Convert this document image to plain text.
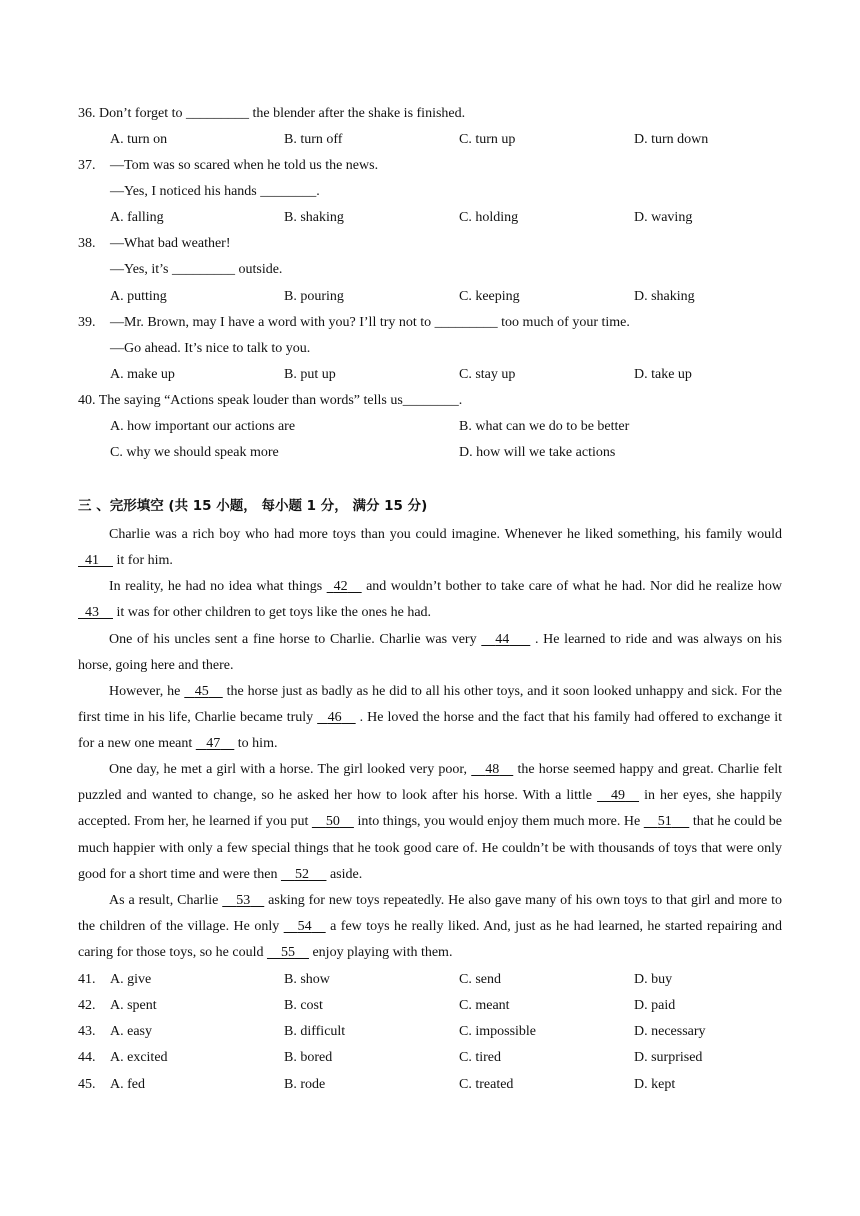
36. Don’t forget to _________ the blender after the shake is finished.
A. turn on	B. turn off	C. turn up	D. turn down
37. —Tom was so scared when he told us the news.
—Yes, I noticed his hands ________.
A. falling	B. shaking	C. holding	D. waving
38. —What bad weather!
—Yes, it’s _________ outside.
A. putting	B. pouring	C. keeping	D. shaking
39. —Mr. Brown, may I have a word with you? I’ll try not to _________ too much of your time.
—Go ahead. It’s nice to talk to you.
A. make up	B. put up	C. stay up	D. take up
40. The saying “Actions speak louder than words” tells us________.
A. how important our actions are	B. what can we do to be better
C. why we should speak more	D. how will we take actions
三 、完形填空 (共 15 小题， 每小题 1 分， 满分 15 分)
Charlie was a rich boy who had more toys than you could imagine. Whenever he liked something, his family would   41 it for him.
In reality, he had no idea what things 42 and wouldn’t bother to take care of what he had. Nor did he realize how   43 it was for other children to get toys like the ones he had.
One of his uncles sent a fine horse to Charlie. Charlie was very 44 . He learned to ride and was always on his horse, going here and there.
However, he 45 the horse just as badly as he did to all his other toys, and it soon looked unhappy and sick. For the first time in his life, Charlie became truly 46 . He loved the horse and the fact that his family had offered to exchange it for a new one meant 47 to him.
One day, he met a girl with a horse. The girl looked very poor, 48 the horse seemed happy and great. Charlie felt puzzled and wanted to change, so he asked her how to look after his horse. With a little 49 in her eyes, she happily accepted. From her, he learned if you put 50 into things, you would enjoy them much more. He 51 that he could be much happier with only a few special things that he took good care of. He couldn’t be with thousands of toys that were only good for a short time and were then 52 aside.
As a result, Charlie 53 asking for new toys repeatedly. He also gave many of his own toys to that girl and more to the children of the village. He only 54 a few toys he really liked. And, just as he had learned, he started repairing and caring for those toys, so he could 55 enjoy playing with them.
41. A. give	B. show	C. send	D. buy
42. A. spent	B. cost	C. meant	D. paid
43. A. easy	B. difficult	C. impossible	D. necessary
44. A. excited	B. bored	C. tired	D. surprised
45. A. fed	B. rode	C. treated	D. kept
